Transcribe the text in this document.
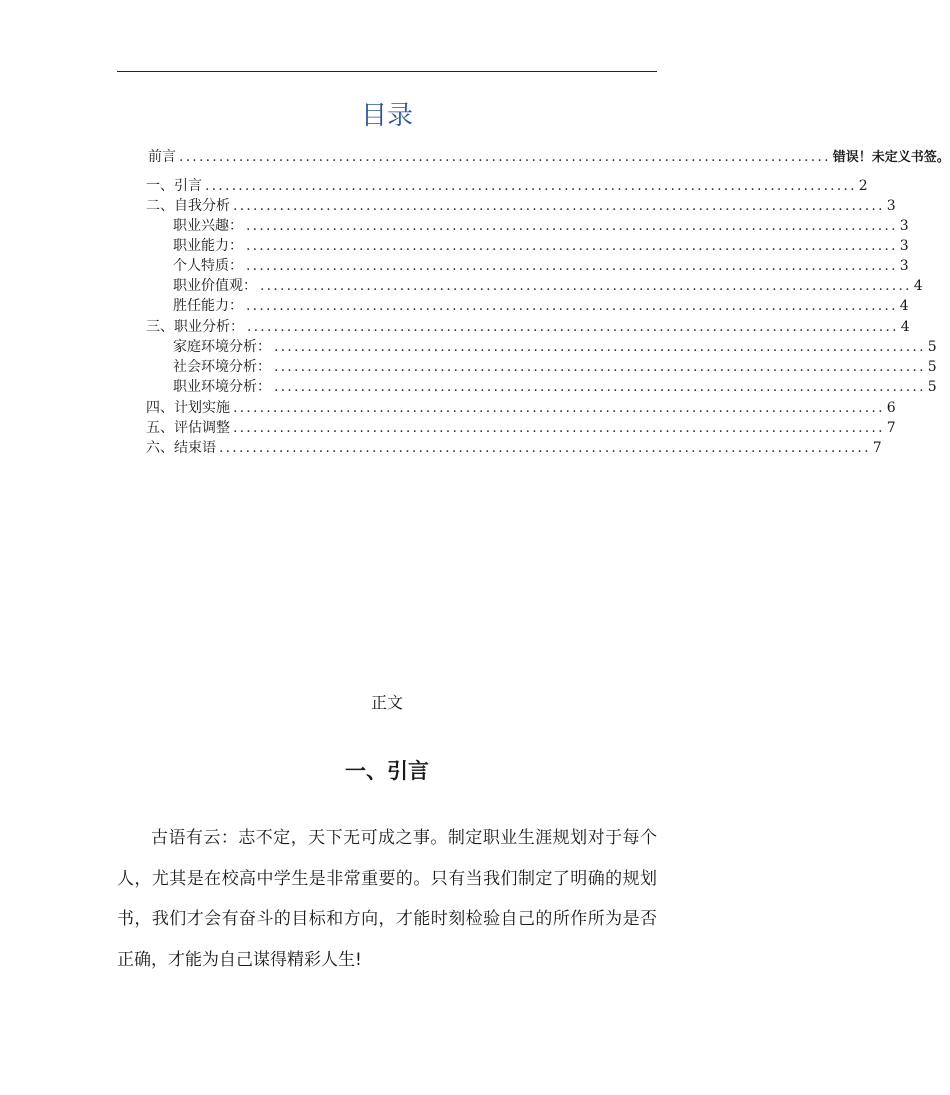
目录
前言 .................................................................................................. 错误！未定义书签。
一、引言 .................................................................................................. 2
二、自我分析 .................................................................................................. 3
职业兴趣： .................................................................................................. 3
职业能力： .................................................................................................. 3
个人特质： .................................................................................................. 3
职业价值观： .................................................................................................. 4
胜任能力： .................................................................................................. 4
三、职业分析： .................................................................................................. 4
家庭环境分析： .................................................................................................. 5
社会环境分析： .................................................................................................. 5
职业环境分析： .................................................................................................. 5
四、计划实施 .................................................................................................. 6
五、评估调整 .................................................................................................. 7
六、结束语 .................................................................................................. 7
正文
一、引言
古语有云：志不定，天下无可成之事。制定职业生涯规划对于每个人，尤其是在校高中学生是非常重要的。只有当我们制定了明确的规划书，我们才会有奋斗的目标和方向，才能时刻检验自己的所作所为是否正确，才能为自己谋得精彩人生!
